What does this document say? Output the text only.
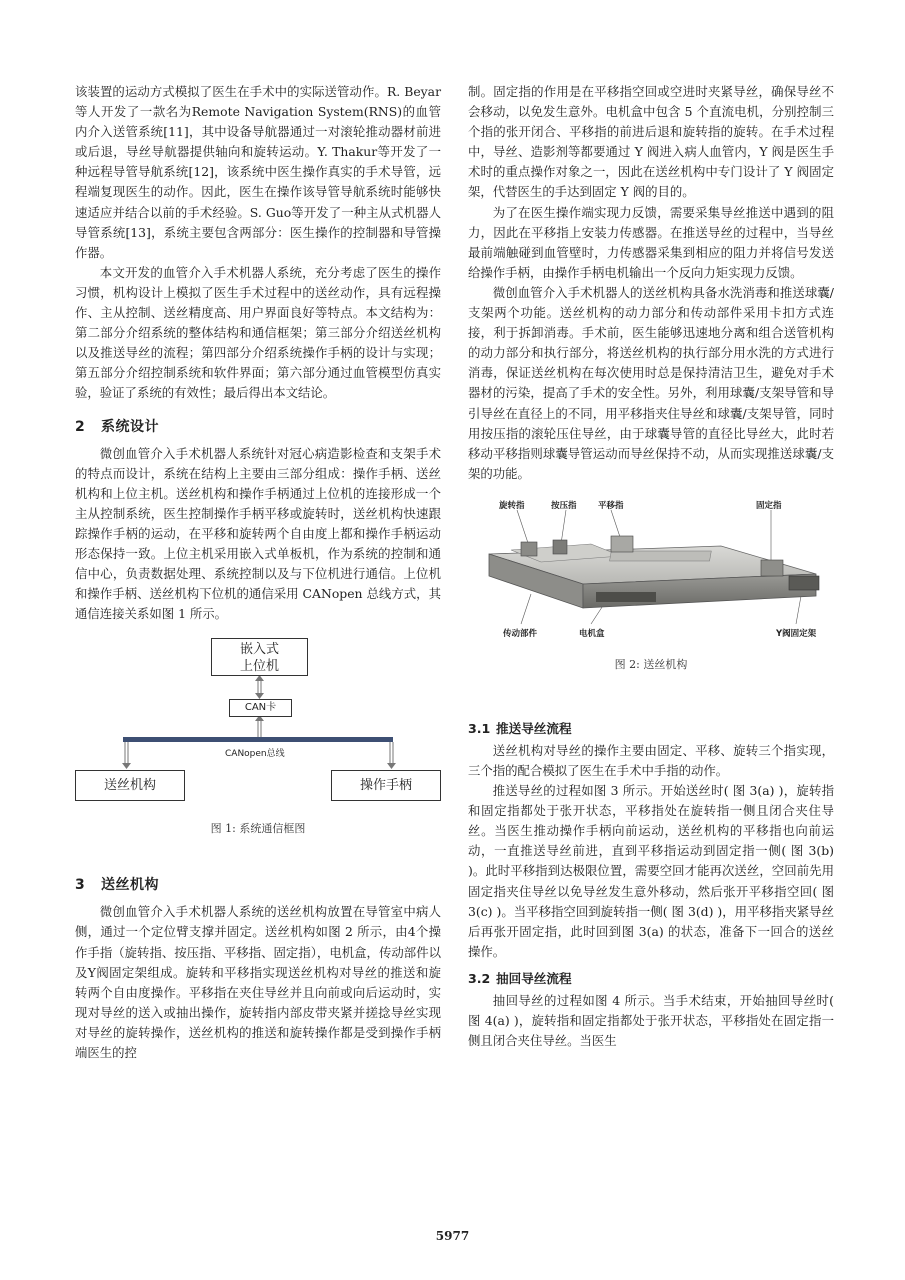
该装置的运动方式模拟了医生在手术中的实际送管动作。R. Beyar等人开发了一款名为Remote Navigation System(RNS)的血管内介入送管系统[11]，其中设备导航器通过一对滚轮推动器材前进或后退，导丝导航器提供轴向和旋转运动。Y. Thakur等开发了一种远程导管导航系统[12]，该系统中医生操作真实的手术导管，远程端复现医生的动作。因此，医生在操作该导管导航系统时能够快速适应并结合以前的手术经验。S. Guo等开发了一种主从式机器人导管系统[13]，系统主要包含两部分：医生操作的控制器和导管操作器。

本文开发的血管介入手术机器人系统，充分考虑了医生的操作习惯，机构设计上模拟了医生手术过程中的送丝动作，具有远程操作、主从控制、送丝精度高、用户界面良好等特点。本文结构为：第二部分介绍系统的整体结构和通信框架；第三部分介绍送丝机构以及推送导丝的流程；第四部分介绍系统操作手柄的设计与实现；第五部分介绍控制系统和软件界面；第六部分通过血管模型仿真实验，验证了系统的有效性；最后得出本文结论。

2 系统设计

微创血管介入手术机器人系统针对冠心病造影检查和支架手术的特点而设计，系统在结构上主要由三部分组成：操作手柄、送丝机构和上位主机。送丝机构和操作手柄通过上位机的连接形成一个主从控制系统，医生控制操作手柄平移或旋转时，送丝机构快速跟踪操作手柄的运动，在平移和旋转两个自由度上都和操作手柄运动形态保持一致。上位主机采用嵌入式单板机，作为系统的控制和通信中心，负责数据处理、系统控制以及与下位机进行通信。上位机和操作手柄、送丝机构下位机的通信采用 CANopen 总线方式，其通信连接关系如图 1 所示。

嵌入式
上位机
CAN卡
CANopen总线
送丝机构	操作手柄
图 1: 系统通信框图
3 送丝机构

微创血管介入手术机器人系统的送丝机构放置在导管室中病人侧，通过一个定位臂支撑并固定。送丝机构如图 2 所示，由4个操作手指（旋转指、按压指、平移指、固定指），电机盒，传动部件以及Y阀固定架组成。旋转和平移指实现送丝机构对导丝的推送和旋转两个自由度操作。平移指在夹住导丝并且向前或向后运动时，实现对导丝的送入或抽出操作，旋转指内部皮带夹紧并搓捻导丝实现对导丝的旋转操作，送丝机构的推送和旋转操作都是受到操作手柄端医生的控

制。固定指的作用是在平移指空回或空进时夹紧导丝，确保导丝不会移动，以免发生意外。电机盒中包含 5 个直流电机，分别控制三个指的张开闭合、平移指的前进后退和旋转指的旋转。在手术过程中，导丝、造影剂等都要通过 Y 阀进入病人血管内，Y 阀是医生手术时的重点操作对象之一，因此在送丝机构中专门设计了 Y 阀固定架，代替医生的手达到固定 Y 阀的目的。

为了在医生操作端实现力反馈，需要采集导丝推送中遇到的阻力，因此在平移指上安装力传感器。在推送导丝的过程中，当导丝最前端触碰到血管壁时，力传感器采集到相应的阻力并将信号发送给操作手柄，由操作手柄电机输出一个反向力矩实现力反馈。

微创血管介入手术机器人的送丝机构具备水洗消毒和推送球囊/支架两个功能。送丝机构的动力部分和传动部件采用卡扣方式连接，利于拆卸消毒。手术前，医生能够迅速地分离和组合送管机构的动力部分和执行部分，将送丝机构的执行部分用水洗的方式进行消毒，保证送丝机构在每次使用时总是保持清洁卫生，避免对手术器材的污染，提高了手术的安全性。另外，利用球囊/支架导管和导引导丝在直径上的不同，用平移指夹住导丝和球囊/支架导管，同时用按压指的滚轮压住导丝，由于球囊导管的直径比导丝大，此时若移动平移指则球囊导管运动而导丝保持不动，从而实现推送球囊/支架的功能。

旋转指	按压指	平移指	固定指
传动部件	电机盒	Y阀固定架
图 2: 送丝机构
3.1 推送导丝流程

送丝机构对导丝的操作主要由固定、平移、旋转三个指实现，三个指的配合模拟了医生在手术中手指的动作。

推送导丝的过程如图 3 所示。开始送丝时( 图 3(a) )，旋转指和固定指都处于张开状态，平移指处在旋转指一侧且闭合夹住导丝。当医生推动操作手柄向前运动，送丝机构的平移指也向前运动，一直推送导丝前进，直到平移指运动到固定指一侧( 图 3(b) )。此时平移指到达极限位置，需要空回才能再次送丝，空回前先用固定指夹住导丝以免导丝发生意外移动，然后张开平移指空回( 图 3(c) )。当平移指空回到旋转指一侧( 图 3(d) )，用平移指夹紧导丝后再张开固定指，此时回到图 3(a) 的状态，准备下一回合的送丝操作。

3.2 抽回导丝流程

抽回导丝的过程如图 4 所示。当手术结束，开始抽回导丝时( 图 4(a) )，旋转指和固定指都处于张开状态，平移指处在固定指一侧且闭合夹住导丝。当医生

5977
